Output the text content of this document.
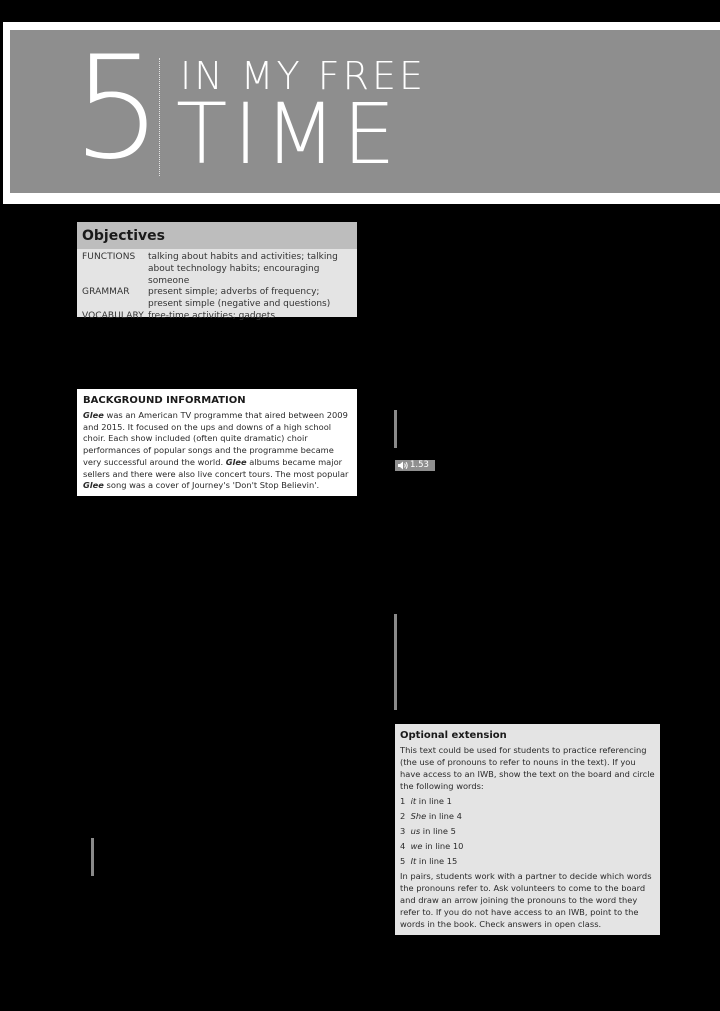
5 IN MY FREE
TIME
Objectives
FUNCTIONS	talking about habits and activities; talking about technology habits; encouraging someone
GRAMMAR	present simple; adverbs of frequency; present simple (negative and questions)
VOCABULARY free-time activities; gadgets
BACKGROUND INFORMATION
Glee was an American TV programme that aired between 2009 and 2015. It focused on the ups and downs of a high school choir. Each show included (often quite dramatic) choir performances of popular songs and the programme became very successful around the world. Glee albums became major sellers and there were also live concert tours. The most popular Glee song was a cover of Journey's 'Don't Stop Believin'.
1.53
Optional extension

This text could be used for students to practice referencing (the use of pronouns to refer to nouns in the text). If you have access to an IWB, show the text on the board and circle the following words:

1 it in line 1
2 She in line 4
3 us in line 5
4 we in line 10
5 It in line 15

In pairs, students work with a partner to decide which words the pronouns refer to. Ask volunteers to come to the board and draw an arrow joining the pronouns to the word they refer to. If you do not have access to an IWB, point to the words in the book. Check answers in open class.
